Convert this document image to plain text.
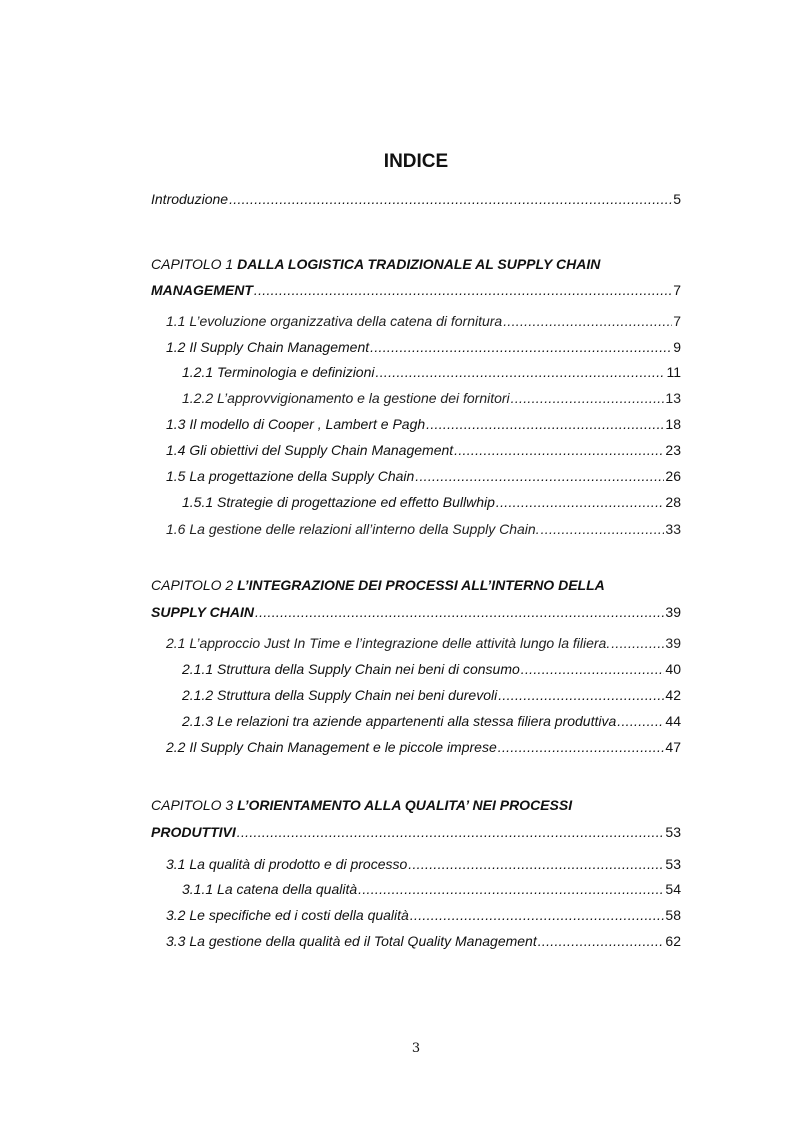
INDICE
Introduzione .....	5
CAPITOLO 1 DALLA LOGISTICA TRADIZIONALE AL SUPPLY CHAIN
MANAGEMENT .....	7
1.1 L’evoluzione organizzativa della catena di fornitura .....	7
1.2 Il Supply Chain Management .....	9
1.2.1 Terminologia e definizioni .....	11
1.2.2 L’approvvigionamento e la gestione dei fornitori .....	13
1.3 Il modello di Cooper , Lambert e Pagh .....	18
1.4 Gli obiettivi del Supply Chain Management .....	23
1.5 La progettazione della Supply Chain .....	26
1.5.1 Strategie di progettazione ed effetto Bullwhip .....	28
1.6 La gestione delle relazioni all’interno della Supply Chain. .....	33
CAPITOLO 2 L’INTEGRAZIONE DEI PROCESSI ALL’INTERNO DELLA
SUPPLY CHAIN .....	39
2.1 L’approccio Just In Time e l’integrazione delle attività lungo la filiera. .....	39
2.1.1 Struttura della Supply Chain nei beni di consumo .....	40
2.1.2 Struttura della Supply Chain nei beni durevoli .....	42
2.1.3 Le relazioni tra aziende appartenenti alla stessa filiera produttiva .....	44
2.2 Il Supply Chain Management e le piccole imprese .....	47
CAPITOLO 3 L’ORIENTAMENTO ALLA QUALITA’ NEI PROCESSI
PRODUTTIVI .....	53
3.1 La qualità di prodotto e di processo .....	53
3.1.1 La catena della qualità .....	54
3.2 Le specifiche ed i costi della qualità .....	58
3.3 La gestione della qualità ed il Total Quality Management .....	62
3
